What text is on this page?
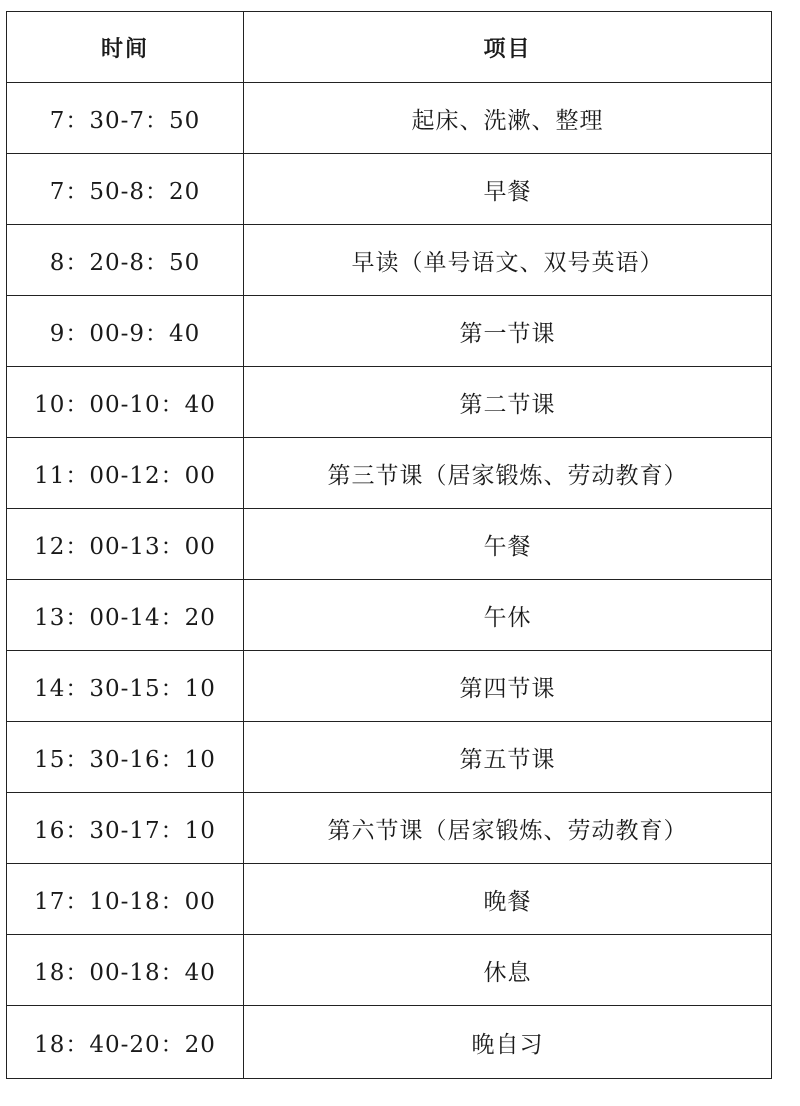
时间	项目
7：30-7：50	起床、洗漱、整理
7：50-8：20	早餐
8：20-8：50	早读（单号语文、双号英语）
9：00-9：40	第一节课
10：00-10：40	第二节课
11：00-12：00	第三节课（居家锻炼、劳动教育）
12：00-13：00	午餐
13：00-14：20	午休
14：30-15：10	第四节课
15：30-16：10	第五节课
16：30-17：10	第六节课（居家锻炼、劳动教育）
17：10-18：00	晚餐
18：00-18：40	休息
18：40-20：20	晚自习
